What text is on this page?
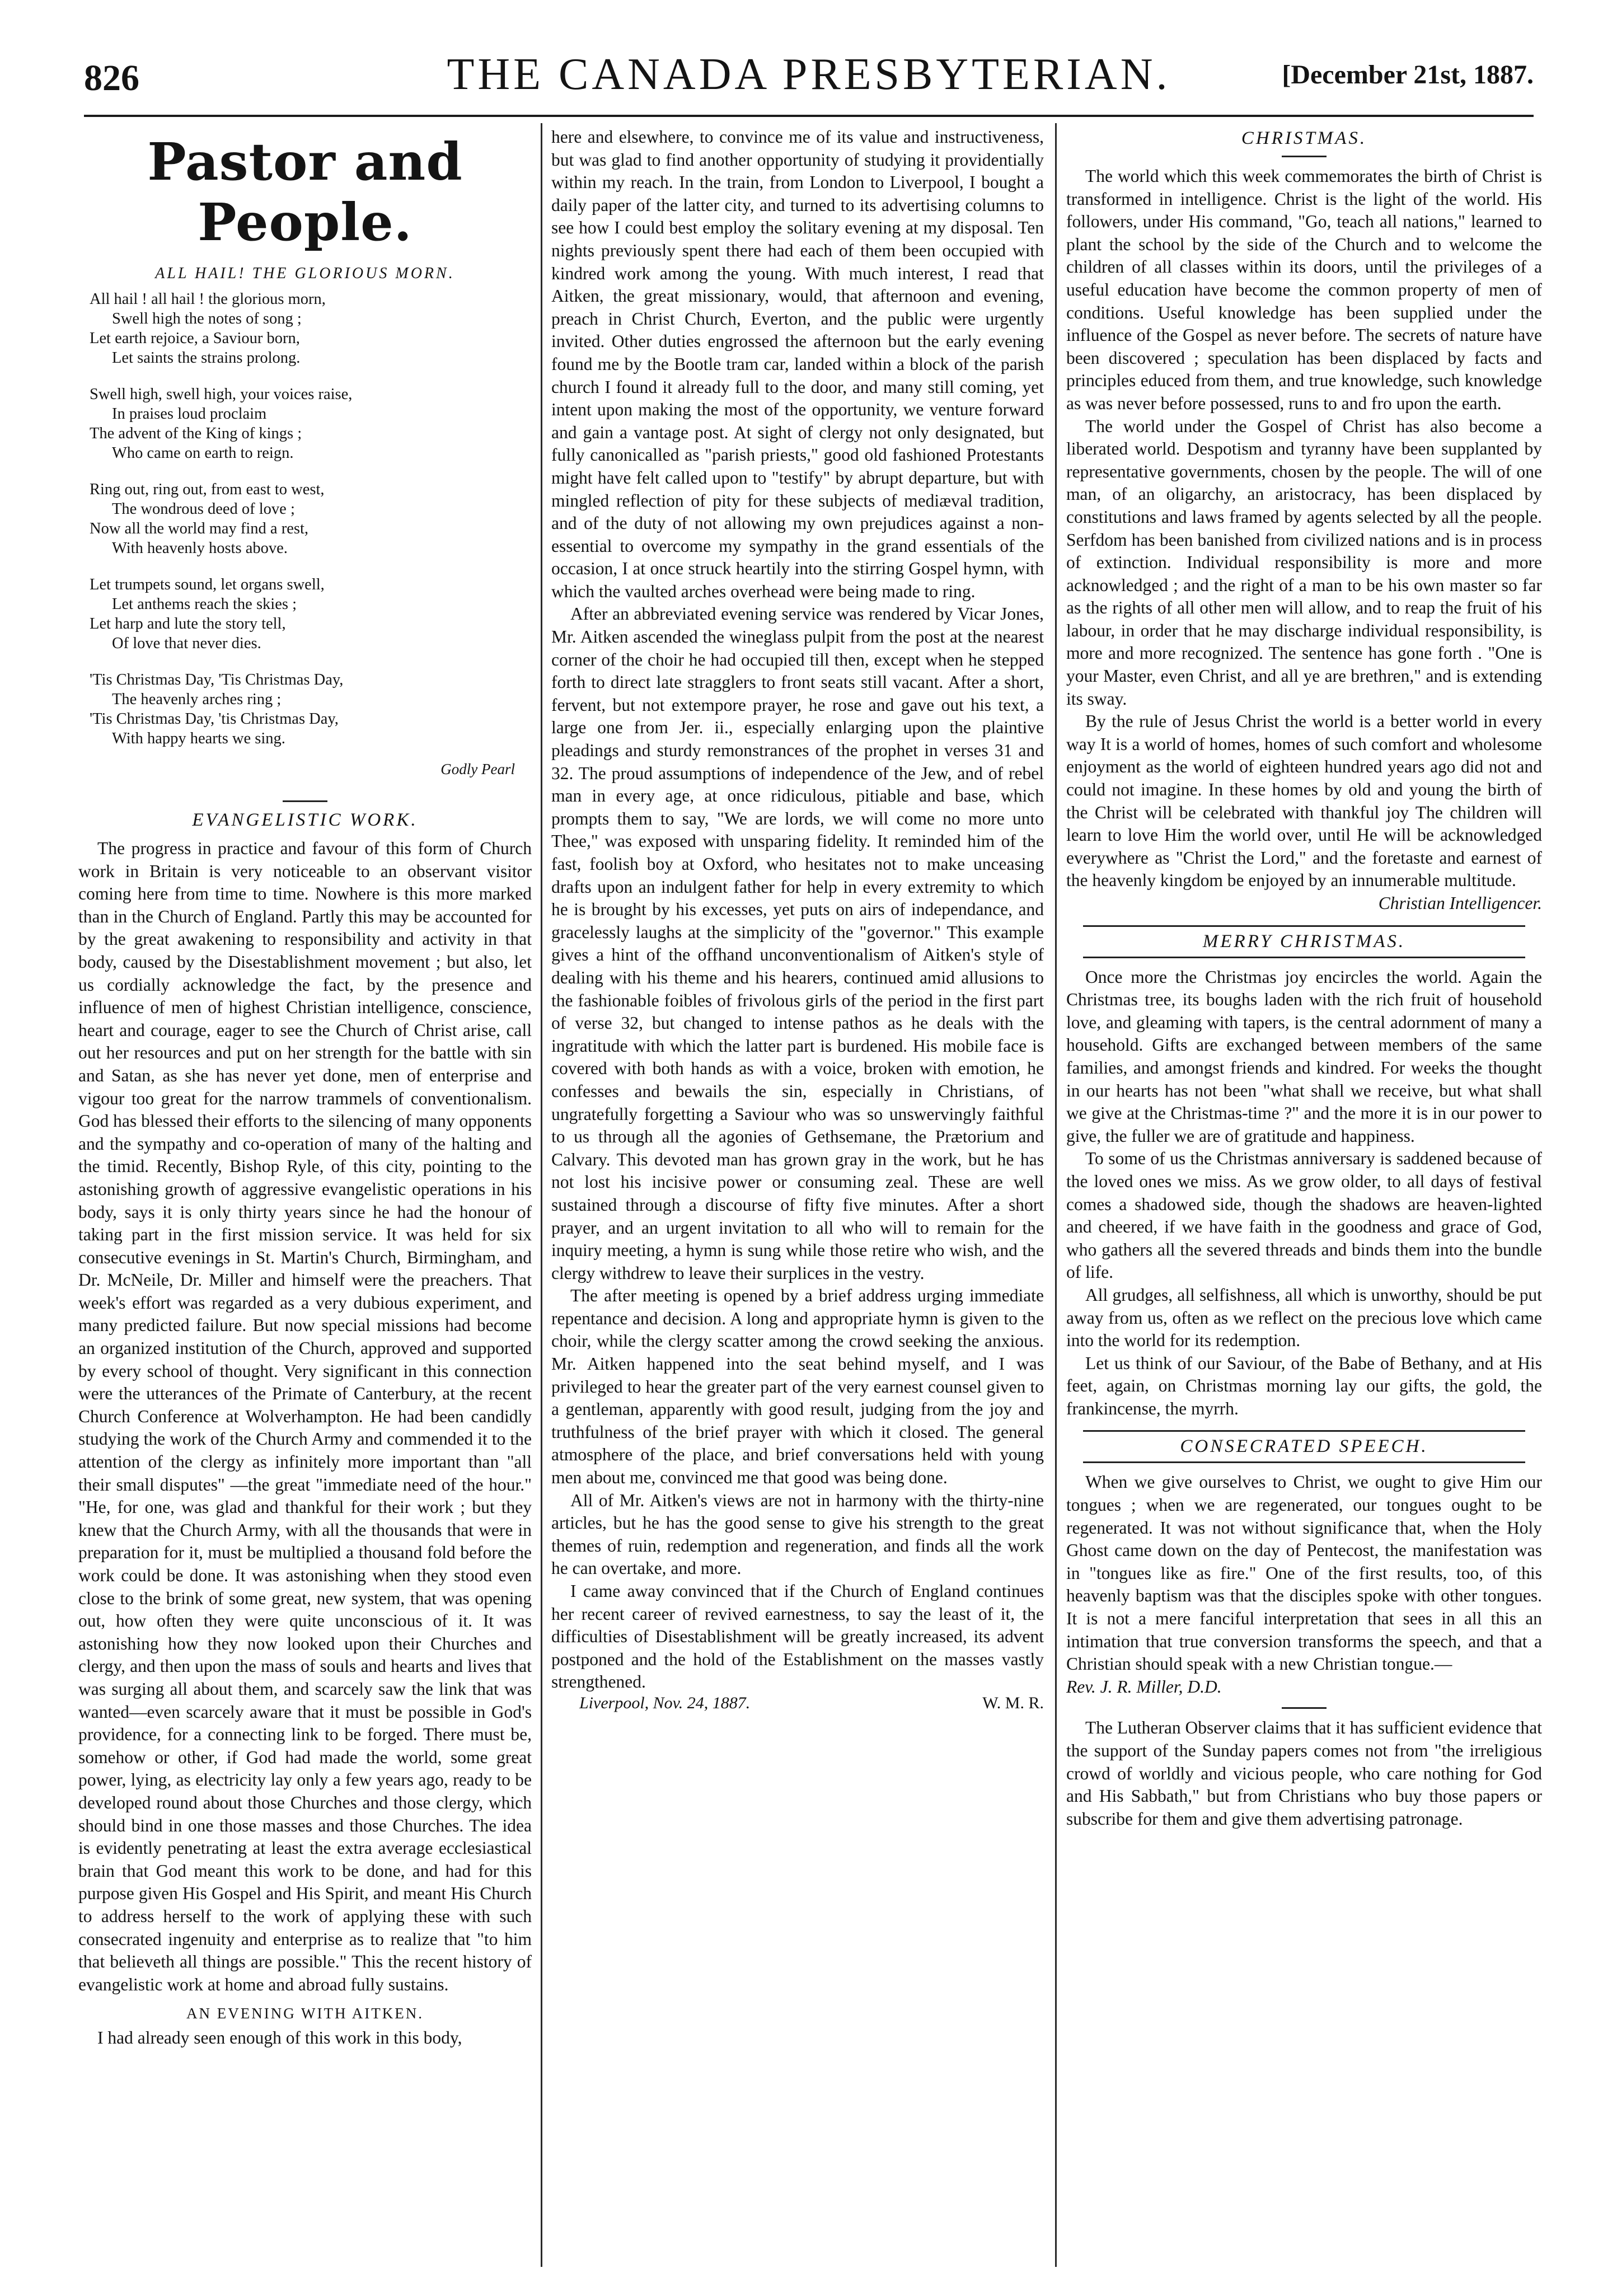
826	THE CANADA PRESBYTERIAN.	[December 21st, 1887.
Pastor and People.
ALL HAIL! THE GLORIOUS MORN.
All hail ! all hail ! the glorious morn,
Swell high the notes of song ;
Let earth rejoice, a Saviour born,
Let saints the strains prolong.
Swell high, swell high, your voices raise,
In praises loud proclaim
The advent of the King of kings ;
Who came on earth to reign.
Ring out, ring out, from east to west,
The wondrous deed of love ;
Now all the world may find a rest,
With heavenly hosts above.
Let trumpets sound, let organs swell,
Let anthems reach the skies ;
Let harp and lute the story tell,
Of love that never dies.
'Tis Christmas Day, 'Tis Christmas Day,
The heavenly arches ring ;
'Tis Christmas Day, 'tis Christmas Day,
With happy hearts we sing.
Godly Pearl
EVANGELISTIC WORK.

The progress in practice and favour of this form of Church work in Britain is very noticeable to an observant visitor coming here from time to time. Nowhere is this more marked than in the Church of England. Partly this may be accounted for by the great awakening to responsibility and activity in that body, caused by the Disestablishment movement ; but also, let us cordially acknowledge the fact, by the presence and influence of men of highest Christian intelligence, conscience, heart and courage, eager to see the Church of Christ arise, call out her resources and put on her strength for the battle with sin and Satan, as she has never yet done, men of enterprise and vigour too great for the narrow trammels of conventionalism. God has blessed their efforts to the silencing of many opponents and the sympathy and co-operation of many of the halting and the timid. Recently, Bishop Ryle, of this city, pointing to the astonishing growth of aggressive evangelistic operations in his body, says it is only thirty years since he had the honour of taking part in the first mission service. It was held for six consecutive evenings in St. Martin's Church, Birmingham, and Dr. McNeile, Dr. Miller and himself were the preachers. That week's effort was regarded as a very dubious experiment, and many predicted failure. But now special missions had become an organized institution of the Church, approved and supported by every school of thought. Very significant in this connection were the utterances of the Primate of Canterbury, at the recent Church Conference at Wolverhampton. He had been candidly studying the work of the Church Army and commended it to the attention of the clergy as infinitely more important than "all their small disputes" —the great "immediate need of the hour." "He, for one, was glad and thankful for their work ; but they knew that the Church Army, with all the thousands that were in preparation for it, must be multiplied a thousand fold before the work could be done. It was astonishing when they stood even close to the brink of some great, new system, that was opening out, how often they were quite unconscious of it. It was astonishing how they now looked upon their Churches and clergy, and then upon the mass of souls and hearts and lives that was surging all about them, and scarcely saw the link that was wanted—even scarcely aware that it must be possible in God's providence, for a connecting link to be forged. There must be, somehow or other, if God had made the world, some great power, lying, as electricity lay only a few years ago, ready to be developed round about those Churches and those clergy, which should bind in one those masses and those Churches. The idea is evidently penetrating at least the extra average ecclesiastical brain that God meant this work to be done, and had for this purpose given His Gospel and His Spirit, and meant His Church to address herself to the work of applying these with such consecrated ingenuity and enterprise as to realize that "to him that believeth all things are possible." This the recent history of evangelistic work at home and abroad fully sustains.

AN EVENING WITH AITKEN.

I had already seen enough of this work in this body,

here and elsewhere, to convince me of its value and instructiveness, but was glad to find another opportunity of studying it providentially within my reach. In the train, from London to Liverpool, I bought a daily paper of the latter city, and turned to its advertising columns to see how I could best employ the solitary evening at my disposal. Ten nights previously spent there had each of them been occupied with kindred work among the young. With much interest, I read that Aitken, the great missionary, would, that afternoon and evening, preach in Christ Church, Everton, and the public were urgently invited. Other duties engrossed the afternoon but the early evening found me by the Bootle tram car, landed within a block of the parish church I found it already full to the door, and many still coming, yet intent upon making the most of the opportunity, we venture forward and gain a vantage post. At sight of clergy not only designated, but fully canonicalled as "parish priests," good old fashioned Protestants might have felt called upon to "testify" by abrupt departure, but with mingled reflection of pity for these subjects of mediæval tradition, and of the duty of not allowing my own prejudices against a non-essential to overcome my sympathy in the grand essentials of the occasion, I at once struck heartily into the stirring Gospel hymn, with which the vaulted arches overhead were being made to ring.

After an abbreviated evening service was rendered by Vicar Jones, Mr. Aitken ascended the wineglass pulpit from the post at the nearest corner of the choir he had occupied till then, except when he stepped forth to direct late stragglers to front seats still vacant. After a short, fervent, but not extempore prayer, he rose and gave out his text, a large one from Jer. ii., especially enlarging upon the plaintive pleadings and sturdy remonstrances of the prophet in verses 31 and 32. The proud assumptions of independence of the Jew, and of rebel man in every age, at once ridiculous, pitiable and base, which prompts them to say, "We are lords, we will come no more unto Thee," was exposed with unsparing fidelity. It reminded him of the fast, foolish boy at Oxford, who hesitates not to make unceasing drafts upon an indulgent father for help in every extremity to which he is brought by his excesses, yet puts on airs of independance, and gracelessly laughs at the simplicity of the "governor." This example gives a hint of the offhand unconventionalism of Aitken's style of dealing with his theme and his hearers, continued amid allusions to the fashionable foibles of frivolous girls of the period in the first part of verse 32, but changed to intense pathos as he deals with the ingratitude with which the latter part is burdened. His mobile face is covered with both hands as with a voice, broken with emotion, he confesses and bewails the sin, especially in Christians, of ungratefully forgetting a Saviour who was so unswervingly faithful to us through all the agonies of Gethsemane, the Prætorium and Calvary. This devoted man has grown gray in the work, but he has not lost his incisive power or consuming zeal. These are well sustained through a discourse of fifty five minutes. After a short prayer, and an urgent invitation to all who will to remain for the inquiry meeting, a hymn is sung while those retire who wish, and the clergy withdrew to leave their surplices in the vestry.

The after meeting is opened by a brief address urging immediate repentance and decision. A long and appropriate hymn is given to the choir, while the clergy scatter among the crowd seeking the anxious. Mr. Aitken happened into the seat behind myself, and I was privileged to hear the greater part of the very earnest counsel given to a gentleman, apparently with good result, judging from the joy and truthfulness of the brief prayer with which it closed. The general atmosphere of the place, and brief conversations held with young men about me, convinced me that good was being done.

All of Mr. Aitken's views are not in harmony with the thirty-nine articles, but he has the good sense to give his strength to the great themes of ruin, redemption and regeneration, and finds all the work he can overtake, and more.

I came away convinced that if the Church of England continues her recent career of revived earnestness, to say the least of it, the difficulties of Disestablishment will be greatly increased, its advent postponed and the hold of the Establishment on the masses vastly strengthened.

Liverpool, Nov. 24, 1887.	W. M. R.
CHRISTMAS.

The world which this week commemorates the birth of Christ is transformed in intelligence. Christ is the light of the world. His followers, under His command, "Go, teach all nations," learned to plant the school by the side of the Church and to welcome the children of all classes within its doors, until the privileges of a useful education have become the common property of men of conditions. Useful knowledge has been supplied under the influence of the Gospel as never before. The secrets of nature have been discovered ; speculation has been displaced by facts and principles educed from them, and true knowledge, such knowledge as was never before possessed, runs to and fro upon the earth.

The world under the Gospel of Christ has also become a liberated world. Despotism and tyranny have been supplanted by representative governments, chosen by the people. The will of one man, of an oligarchy, an aristocracy, has been displaced by constitutions and laws framed by agents selected by all the people. Serfdom has been banished from civilized nations and is in process of extinction. Individual responsibility is more and more acknowledged ; and the right of a man to be his own master so far as the rights of all other men will allow, and to reap the fruit of his labour, in order that he may discharge individual responsibility, is more and more recognized. The sentence has gone forth . "One is your Master, even Christ, and all ye are brethren," and is extending its sway.

By the rule of Jesus Christ the world is a better world in every way It is a world of homes, homes of such comfort and wholesome enjoyment as the world of eighteen hundred years ago did not and could not imagine. In these homes by old and young the birth of the Christ will be celebrated with thankful joy The children will learn to love Him the world over, until He will be acknowledged everywhere as "Christ the Lord," and the foretaste and earnest of the heavenly kingdom be enjoyed by an innumerable multitude.

Christian Intelligencer.

MERRY CHRISTMAS.

Once more the Christmas joy encircles the world. Again the Christmas tree, its boughs laden with the rich fruit of household love, and gleaming with tapers, is the central adornment of many a household. Gifts are exchanged between members of the same families, and amongst friends and kindred. For weeks the thought in our hearts has not been "what shall we receive, but what shall we give at the Christmas-time ?" and the more it is in our power to give, the fuller we are of gratitude and happiness.

To some of us the Christmas anniversary is saddened because of the loved ones we miss. As we grow older, to all days of festival comes a shadowed side, though the shadows are heaven-lighted and cheered, if we have faith in the goodness and grace of God, who gathers all the severed threads and binds them into the bundle of life.

All grudges, all selfishness, all which is unworthy, should be put away from us, often as we reflect on the precious love which came into the world for its redemption.

Let us think of our Saviour, of the Babe of Bethany, and at His feet, again, on Christmas morning lay our gifts, the gold, the frankincense, the myrrh.

CONSECRATED SPEECH.

When we give ourselves to Christ, we ought to give Him our tongues ; when we are regenerated, our tongues ought to be regenerated. It was not without significance that, when the Holy Ghost came down on the day of Pentecost, the manifestation was in "tongues like as fire." One of the first results, too, of this heavenly baptism was that the disciples spoke with other tongues. It is not a mere fanciful interpretation that sees in all this an intimation that true conversion transforms the speech, and that a Christian should speak with a new Christian tongue.—

Rev. J. R. Miller, D.D.

The Lutheran Observer claims that it has sufficient evidence that the support of the Sunday papers comes not from "the irreligious crowd of worldly and vicious people, who care nothing for God and His Sabbath," but from Christians who buy those papers or subscribe for them and give them advertising patronage.
